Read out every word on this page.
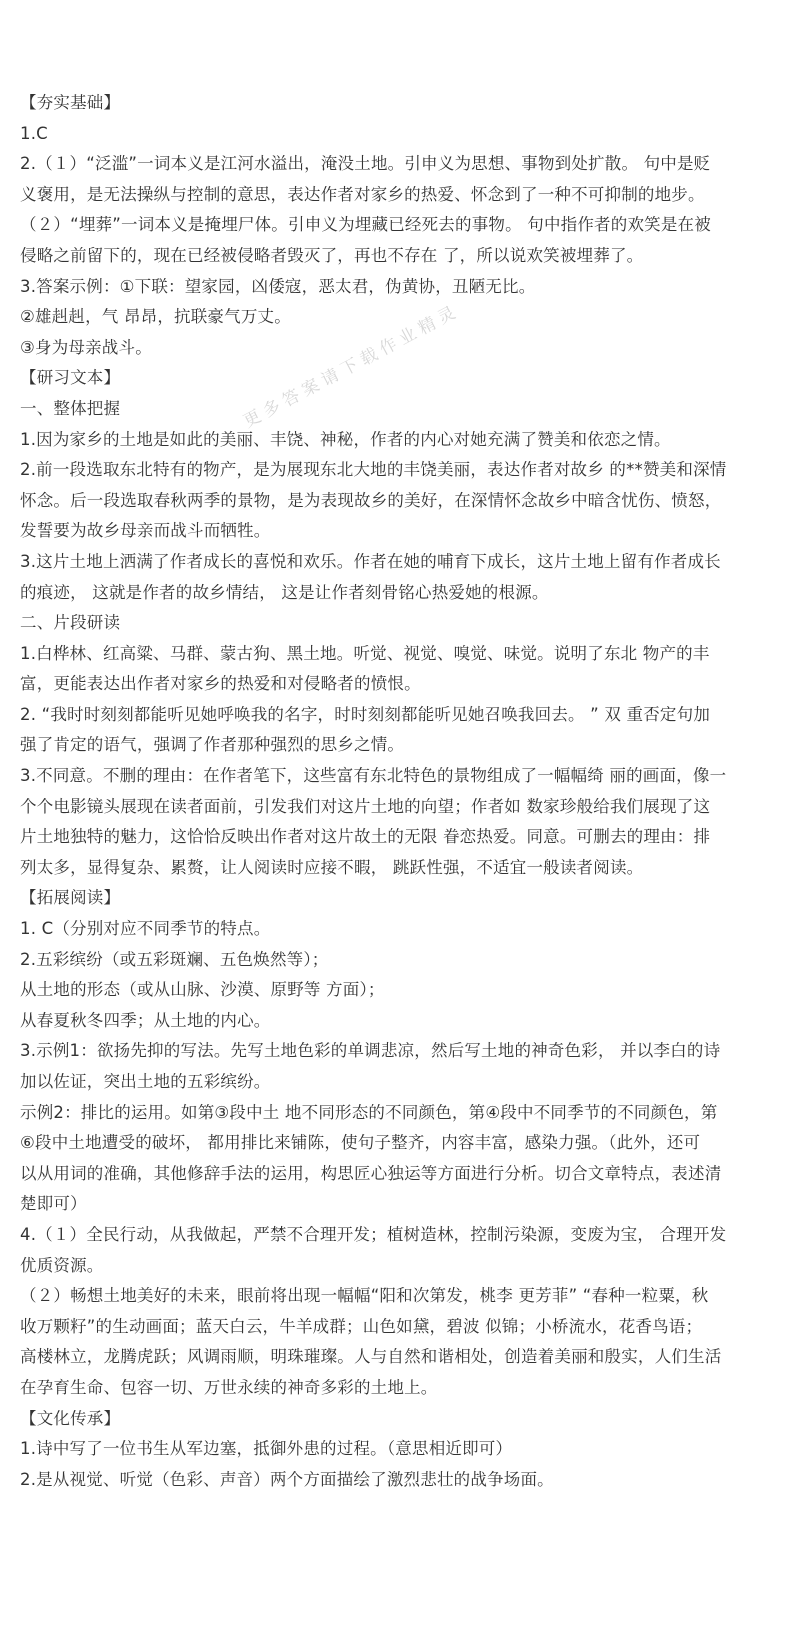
更多答案请下载作业精灵
【夯实基础】
1.C
2.（１）“泛滥”一词本义是江河水溢出，淹没土地。引申义为思想、事物到处扩散。 句中是贬
义褒用，是无法操纵与控制的意思，表达作者对家乡的热爱、怀念到了一种不可抑制的地步。
（２）“埋葬”一词本义是掩埋尸体。引申义为埋藏已经死去的事物。 句中指作者的欢笑是在被
侵略之前留下的，现在已经被侵略者毁灭了，再也不存在 了，所以说欢笑被埋葬了。
3.答案示例：①下联：望家园，凶倭寇，恶太君，伪黄协，丑陋无比。
②雄赳赳，气 昂昂，抗联豪气万丈。
③身为母亲战斗。
【研习文本】
一、整体把握
1.因为家乡的土地是如此的美丽、丰饶、神秘，作者的内心对她充满了赞美和依恋之情。
2.前一段选取东北特有的物产，是为展现东北大地的丰饶美丽，表达作者对故乡 的**赞美和深情
怀念。后一段选取春秋两季的景物，是为表现故乡的美好，在深情怀念故乡中暗含忧伤、愤怒，
发誓要为故乡母亲而战斗而牺牲。
3.这片土地上洒满了作者成长的喜悦和欢乐。作者在她的哺育下成长，这片土地上留有作者成长
的痕迹， 这就是作者的故乡情结， 这是让作者刻骨铭心热爱她的根源。
二、片段研读
1.白桦林、红高粱、马群、蒙古狗、黑土地。听觉、视觉、嗅觉、味觉。说明了东北 物产的丰
富，更能表达出作者对家乡的热爱和对侵略者的愤恨。
2. “我时时刻刻都能听见她呼唤我的名字，时时刻刻都能听见她召唤我回去。 ” 双 重否定句加
强了肯定的语气，强调了作者那种强烈的思乡之情。
3.不同意。不删的理由：在作者笔下，这些富有东北特色的景物组成了一幅幅绮 丽的画面，像一
个个电影镜头展现在读者面前，引发我们对这片土地的向望；作者如 数家珍般给我们展现了这
片土地独特的魅力，这恰恰反映出作者对这片故土的无限 眷恋热爱。同意。可删去的理由：排
列太多，显得复杂、累赘，让人阅读时应接不暇， 跳跃性强，不适宜一般读者阅读。
【拓展阅读】
1. C（分别对应不同季节的特点。
2.五彩缤纷（或五彩斑斓、五色焕然等）；
从土地的形态（或从山脉、沙漠、原野等 方面）；
从春夏秋冬四季；从土地的内心。
3.示例1：欲扬先抑的写法。先写土地色彩的单调悲凉，然后写土地的神奇色彩， 并以李白的诗
加以佐证，突出土地的五彩缤纷。
示例2：排比的运用。如第③段中土 地不同形态的不同颜色，第④段中不同季节的不同颜色，第
⑥段中土地遭受的破坏， 都用排比来铺陈，使句子整齐，内容丰富，感染力强。（此外，还可
以从用词的准确，其他修辞手法的运用，构思匠心独运等方面进行分析。切合文章特点，表述清
楚即可）
4.（１）全民行动，从我做起，严禁不合理开发；植树造林，控制污染源，变废为宝， 合理开发
优质资源。
（２）畅想土地美好的未来，眼前将出现一幅幅“阳和次第发，桃李 更芳菲” “春种一粒粟，秋
收万颗籽”的生动画面；蓝天白云，牛羊成群；山色如黛，碧波 似锦；小桥流水，花香鸟语；
高楼林立，龙腾虎跃；风调雨顺，明珠璀璨。人与自然和谐相处，创造着美丽和殷实，人们生活
在孕育生命、包容一切、万世永续的神奇多彩的土地上。
【文化传承】
1.诗中写了一位书生从军边塞，抵御外患的过程。（意思相近即可）
2.是从视觉、听觉（色彩、声音）两个方面描绘了激烈悲壮的战争场面。
